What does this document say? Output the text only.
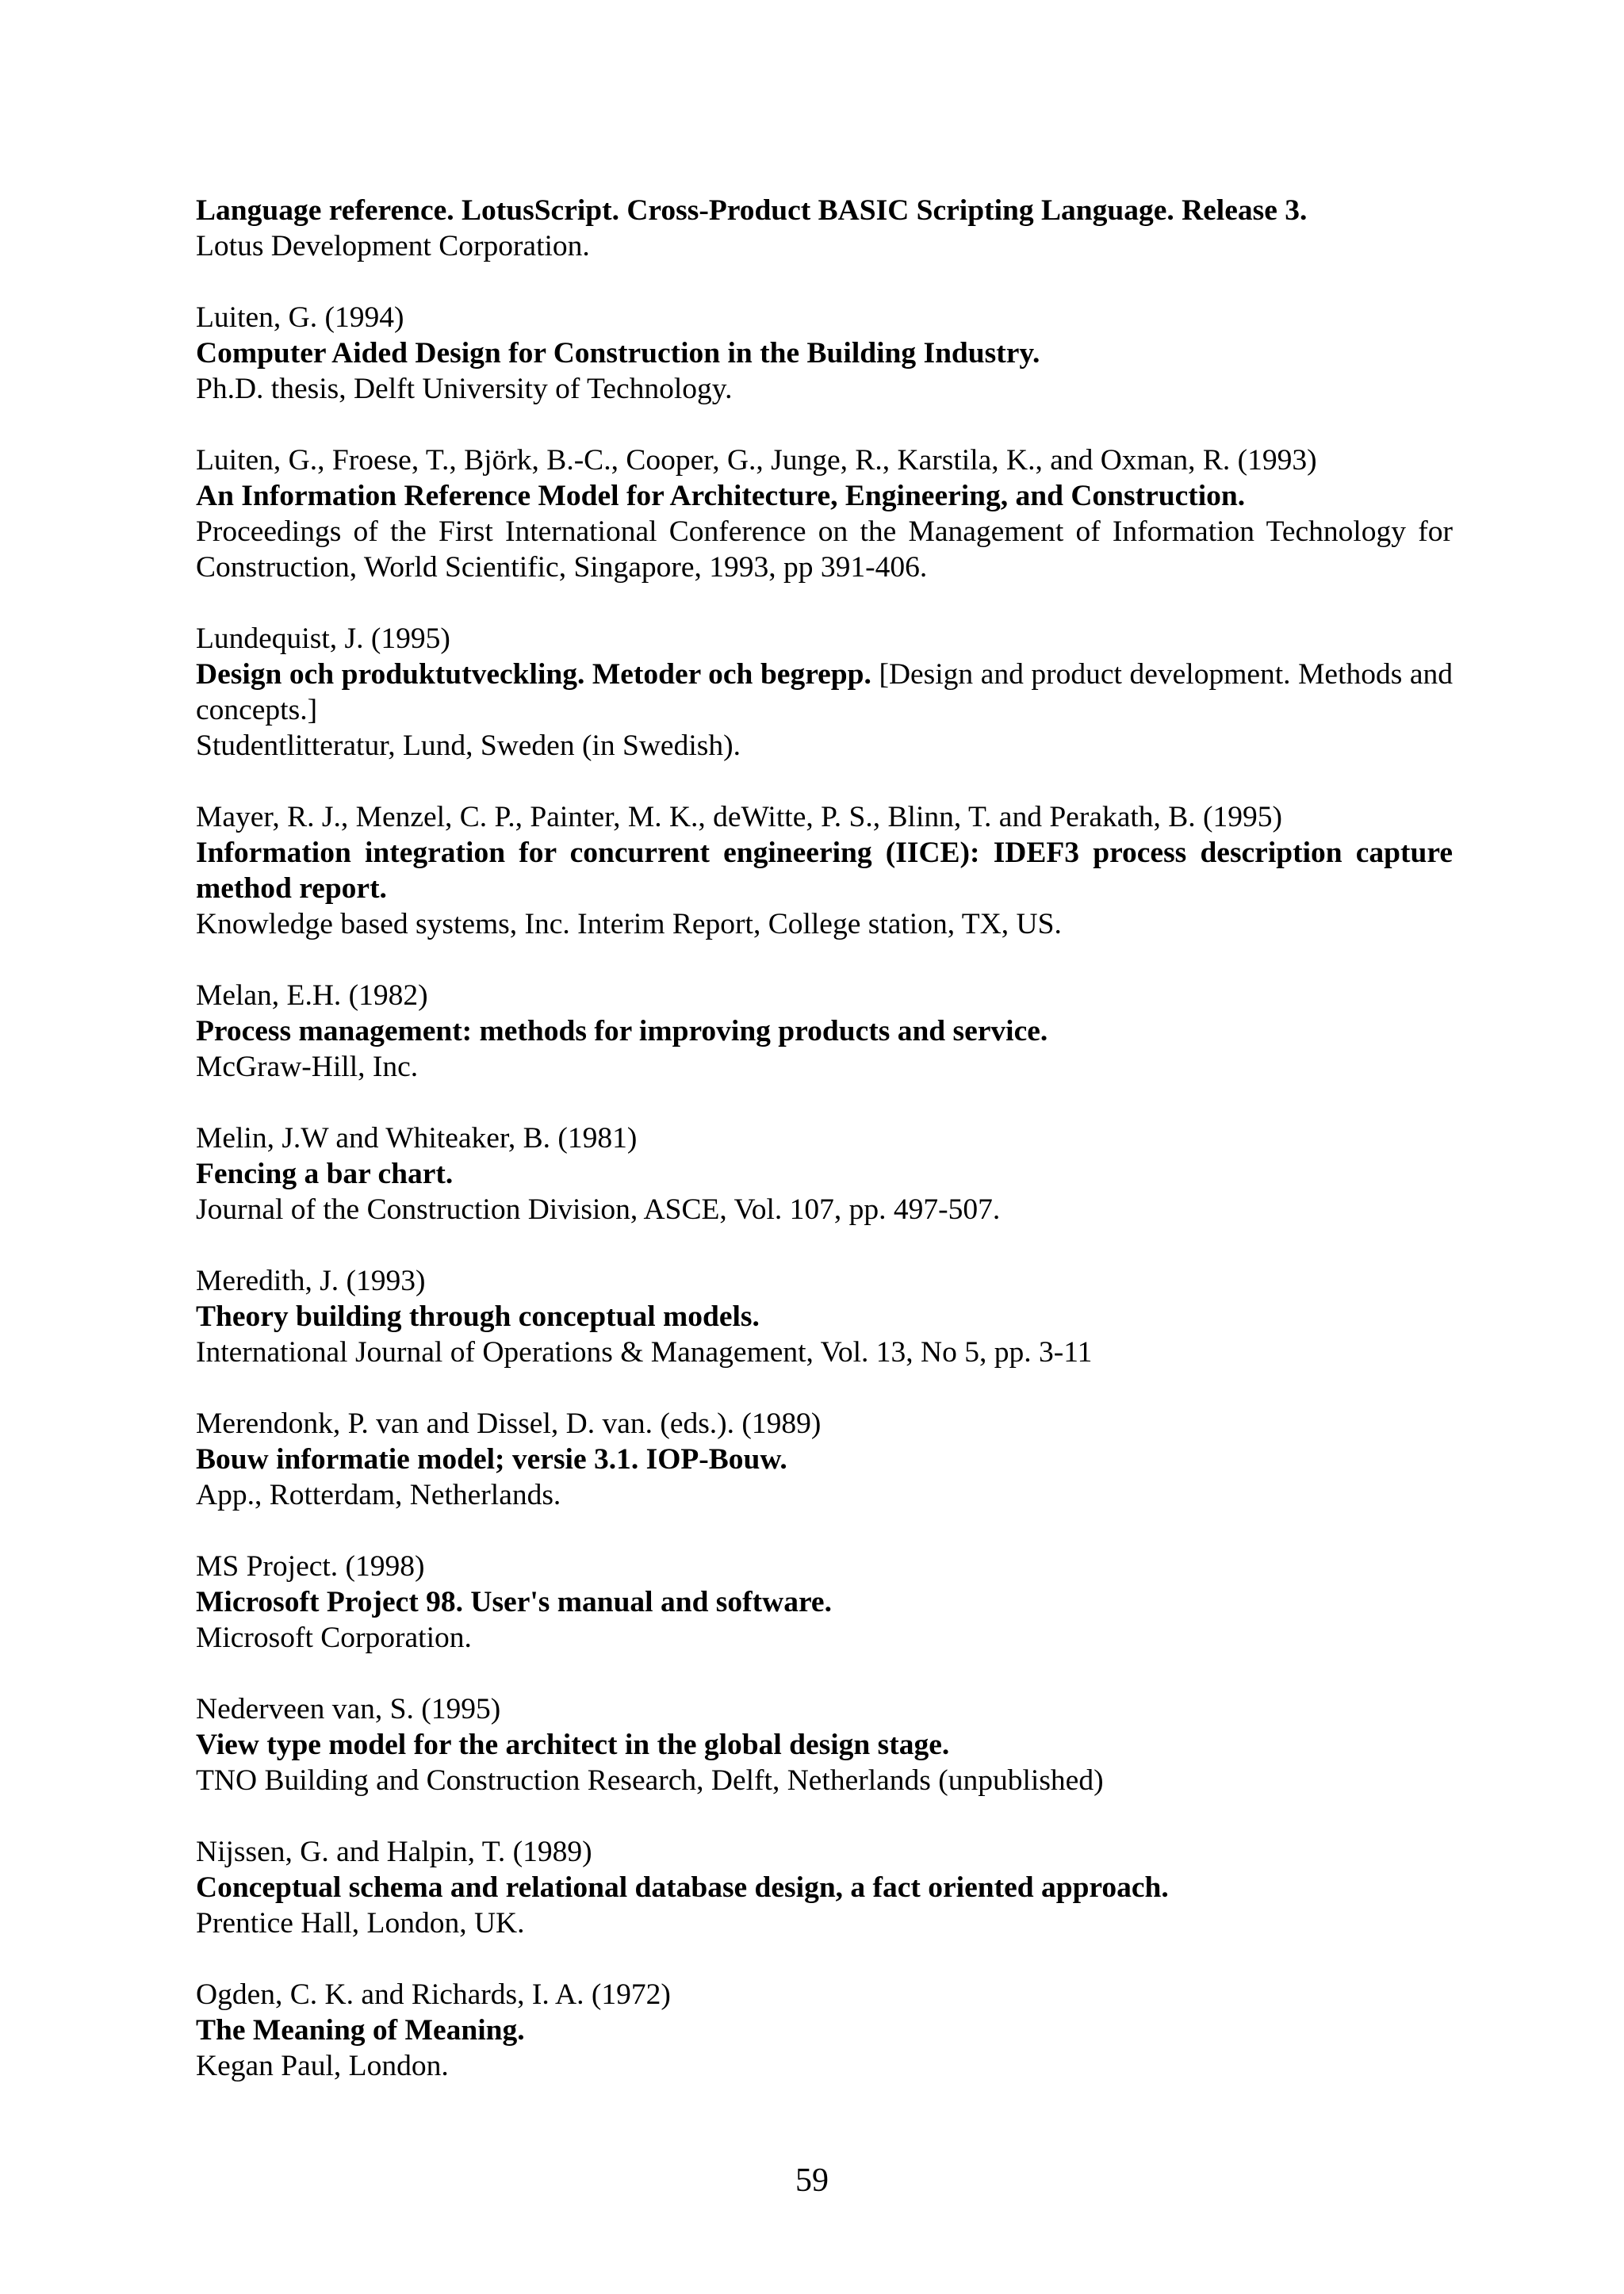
Language reference. LotusScript. Cross-Product BASIC Scripting Language. Release 3.
Lotus Development Corporation.
Luiten, G. (1994)
Computer Aided Design for Construction in the Building Industry.
Ph.D. thesis, Delft University of Technology.
Luiten, G., Froese, T., Björk, B.-C., Cooper, G., Junge, R., Karstila, K., and Oxman, R. (1993)
An Information Reference Model for Architecture, Engineering, and Construction.
Proceedings of the First International Conference on the Management of Information Technology for Construction, World Scientific, Singapore, 1993, pp 391-406.
Lundequist, J. (1995)
Design och produktutveckling. Metoder och begrepp. [Design and product development. Methods and concepts.]
Studentlitteratur, Lund, Sweden (in Swedish).
Mayer, R. J., Menzel, C. P., Painter, M. K., deWitte, P. S., Blinn, T. and Perakath, B. (1995)
Information integration for concurrent engineering (IICE): IDEF3 process description capture method report.
Knowledge based systems, Inc. Interim Report, College station, TX, US.
Melan, E.H. (1982)
Process management: methods for improving products and service.
McGraw-Hill, Inc.
Melin, J.W and Whiteaker, B. (1981)
Fencing a bar chart.
Journal of the Construction Division, ASCE, Vol. 107, pp. 497-507.
Meredith, J. (1993)
Theory building through conceptual models.
International Journal of Operations & Management, Vol. 13, No 5, pp. 3-11
Merendonk, P. van and Dissel, D. van. (eds.). (1989)
Bouw informatie model; versie 3.1. IOP-Bouw.
App., Rotterdam, Netherlands.
MS Project. (1998)
Microsoft Project 98. User's manual and software.
Microsoft Corporation.
Nederveen van, S. (1995)
View type model for the architect in the global design stage.
TNO Building and Construction Research, Delft, Netherlands (unpublished)
Nijssen, G. and Halpin, T. (1989)
Conceptual schema and relational database design, a fact oriented approach.
Prentice Hall, London, UK.
Ogden, C. K. and Richards, I. A. (1972)
The Meaning of Meaning.
Kegan Paul, London.
59
